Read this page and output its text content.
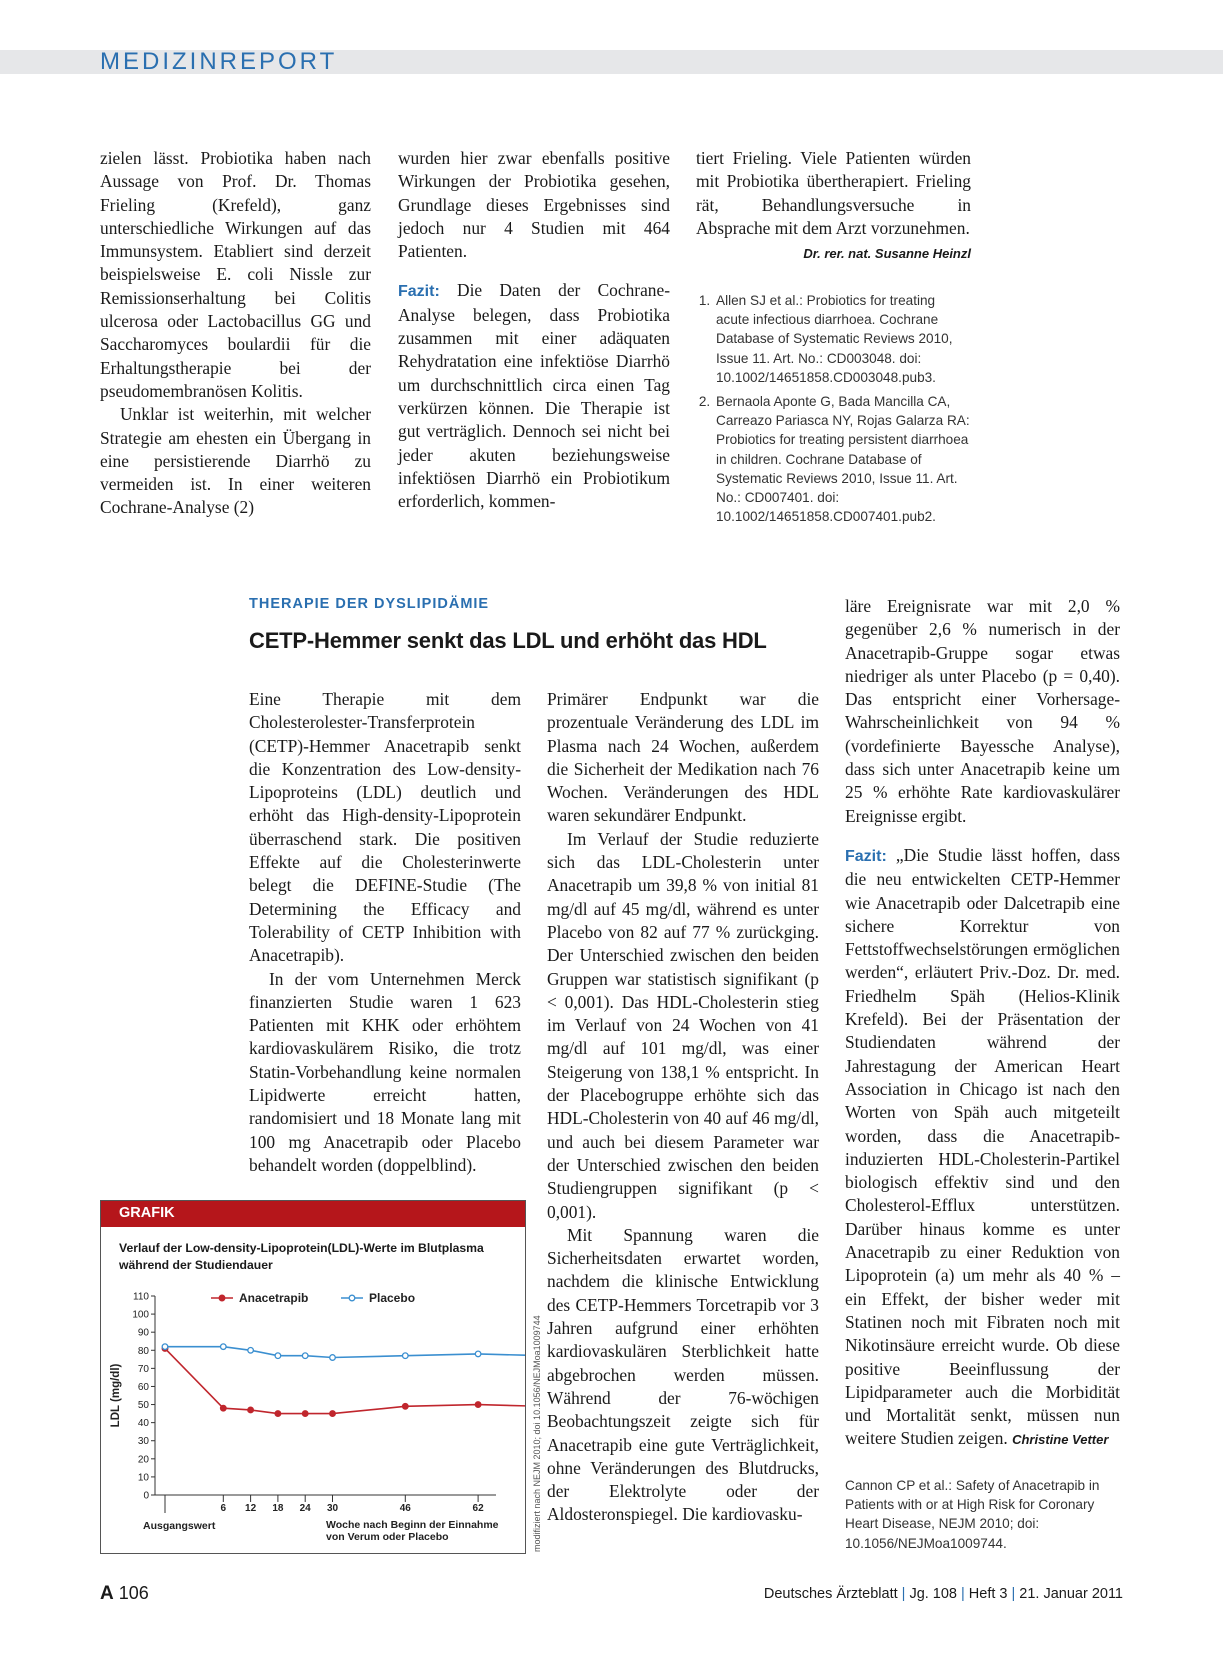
MEDIZINREPORT

zielen lässt. Probiotika haben nach Aussage von Prof. Dr. Thomas Frieling (Krefeld), ganz unterschiedliche Wirkungen auf das Immunsystem. Etabliert sind derzeit beispielsweise E. coli Nissle zur Remissionserhaltung bei Colitis ulcerosa oder Lactobacillus GG und Saccharomyces boulardii für die Erhaltungstherapie bei der pseudomembranösen Kolitis.

Unklar ist weiterhin, mit welcher Strategie am ehesten ein Übergang in eine persistierende Diarrhö zu vermeiden ist. In einer weiteren Cochrane-Analyse (2)

wurden hier zwar ebenfalls positive Wirkungen der Probiotika gesehen, Grundlage dieses Ergebnisses sind jedoch nur 4 Studien mit 464 Patienten.

Fazit: Die Daten der Cochrane-Analyse belegen, dass Probiotika zusammen mit einer adäquaten Rehydratation eine infektiöse Diarrhö um durchschnittlich circa einen Tag verkürzen können. Die Therapie ist gut verträglich. Dennoch sei nicht bei jeder akuten beziehungsweise infektiösen Diarrhö ein Probiotikum erforderlich, kommen-

tiert Frieling. Viele Patienten würden mit Probiotika übertherapiert. Frieling rät, Behandlungsversuche in Absprache mit dem Arzt vorzunehmen.
Dr. rer. nat. Susanne Heinzl

1. Allen SJ et al.: Probiotics for treating acute infectious diarrhoea. Cochrane Database of Systematic Reviews 2010, Issue 11. Art. No.: CD003048. doi: 10.1002/14651858.CD003048.pub3.
2. Bernaola Aponte G, Bada Mancilla CA, Carreazo Pariasca NY, Rojas Galarza RA: Probiotics for treating persistent diarrhoea in children. Cochrane Database of Systematic Reviews 2010, Issue 11. Art. No.: CD007401. doi: 10.1002/14651858.CD007401.pub2.
THERAPIE DER DYSLIPIDÄMIE
CETP-Hemmer senkt das LDL und erhöht das HDL

Eine Therapie mit dem Cholesterolester-Transferprotein (CETP)-Hemmer Anacetrapib senkt die Konzentration des Low-density-Lipoproteins (LDL) deutlich und erhöht das High-density-Lipoprotein überraschend stark. Die positiven Effekte auf die Cholesterinwerte belegt die DEFINE-Studie (The Determining the Efficacy and Tolerability of CETP Inhibition with Anacetrapib).

In der vom Unternehmen Merck finanzierten Studie waren 1 623 Patienten mit KHK oder erhöhtem kardiovaskulärem Risiko, die trotz Statin-Vorbehandlung keine normalen Lipidwerte erreicht hatten, randomisiert und 18 Monate lang mit 100 mg Anacetrapib oder Placebo behandelt worden (doppelblind).

Primärer Endpunkt war die prozentuale Veränderung des LDL im Plasma nach 24 Wochen, außerdem die Sicherheit der Medikation nach 76 Wochen. Veränderungen des HDL waren sekundärer Endpunkt.

Im Verlauf der Studie reduzierte sich das LDL-Cholesterin unter Anacetrapib um 39,8 % von initial 81 mg/dl auf 45 mg/dl, während es unter Placebo von 82 auf 77 % zurückging. Der Unterschied zwischen den beiden Gruppen war statistisch signifikant (p < 0,001). Das HDL-Cholesterin stieg im Verlauf von 24 Wochen von 41 mg/dl auf 101 mg/dl, was einer Steigerung von 138,1 % entspricht. In der Placebogruppe erhöhte sich das HDL-Cholesterin von 40 auf 46 mg/dl, und auch bei diesem Parameter war der Unterschied zwischen den beiden Studiengruppen signifikant (p < 0,001).

Mit Spannung waren die Sicherheitsdaten erwartet worden, nachdem die klinische Entwicklung des CETP-Hemmers Torcetrapib vor 3 Jahren aufgrund einer erhöhten kardiovaskulären Sterblichkeit hatte abgebrochen werden müssen. Während der 76-wöchigen Beobachtungszeit zeigte sich für Anacetrapib eine gute Verträglichkeit, ohne Veränderungen des Blutdrucks, der Elektrolyte oder der Aldosteronspiegel. Die kardiovasku-

läre Ereignisrate war mit 2,0 % gegenüber 2,6 % numerisch in der Anacetrapib-Gruppe sogar etwas niedriger als unter Placebo (p = 0,40). Das entspricht einer Vorhersage-Wahrscheinlichkeit von 94 % (vordefinierte Bayessche Analyse), dass sich unter Anacetrapib keine um 25 % erhöhte Rate kardiovaskulärer Ereignisse ergibt.

Fazit: „Die Studie lässt hoffen, dass die neu entwickelten CETP-Hemmer wie Anacetrapib oder Dalcetrapib eine sichere Korrektur von Fettstoffwechselstörungen ermöglichen werden“, erläutert Priv.-Doz. Dr. med. Friedhelm Späh (Helios-Klinik Krefeld). Bei der Präsentation der Studiendaten während der Jahrestagung der American Heart Association in Chicago ist nach den Worten von Späh auch mitgeteilt worden, dass die Anacetrapib-induzierten HDL-Cholesterin-Partikel biologisch effektiv sind und den Cholesterol-Efflux unterstützen. Darüber hinaus komme es unter Anacetrapib zu einer Reduktion von Lipoprotein (a) um mehr als 40 % – ein Effekt, der bisher weder mit Statinen noch mit Fibraten noch mit Nikotinsäure erreicht wurde. Ob diese positive Beeinflussung der Lipidparameter auch die Morbidität und Mortalität senkt, müssen nun weitere Studien zeigen. Christine Vetter

Cannon CP et al.: Safety of Anacetrapib in Patients with or at High Risk for Coronary Heart Disease, NEJM 2010; doi: 10.1056/NEJMoa1009744.
GRAFIK
Verlauf der Low-density-Lipoprotein(LDL)-Werte im Blutplasma während der Studiendauer
0
10
20
30
40
50
60
70
80
90
100
110
LDL (mg/dl)
6 12 18 24 30	46	62
Ausgangswert	Woche nach Beginn der Einnahme von Verum oder Placebo
Anacetrapib	Placebo
modifiziert nach NEJM 2010; doi 10.1056/NEJMoa1009744
A 106	Deutsches Ärzteblatt | Jg. 108 | Heft 3 | 21. Januar 2011
